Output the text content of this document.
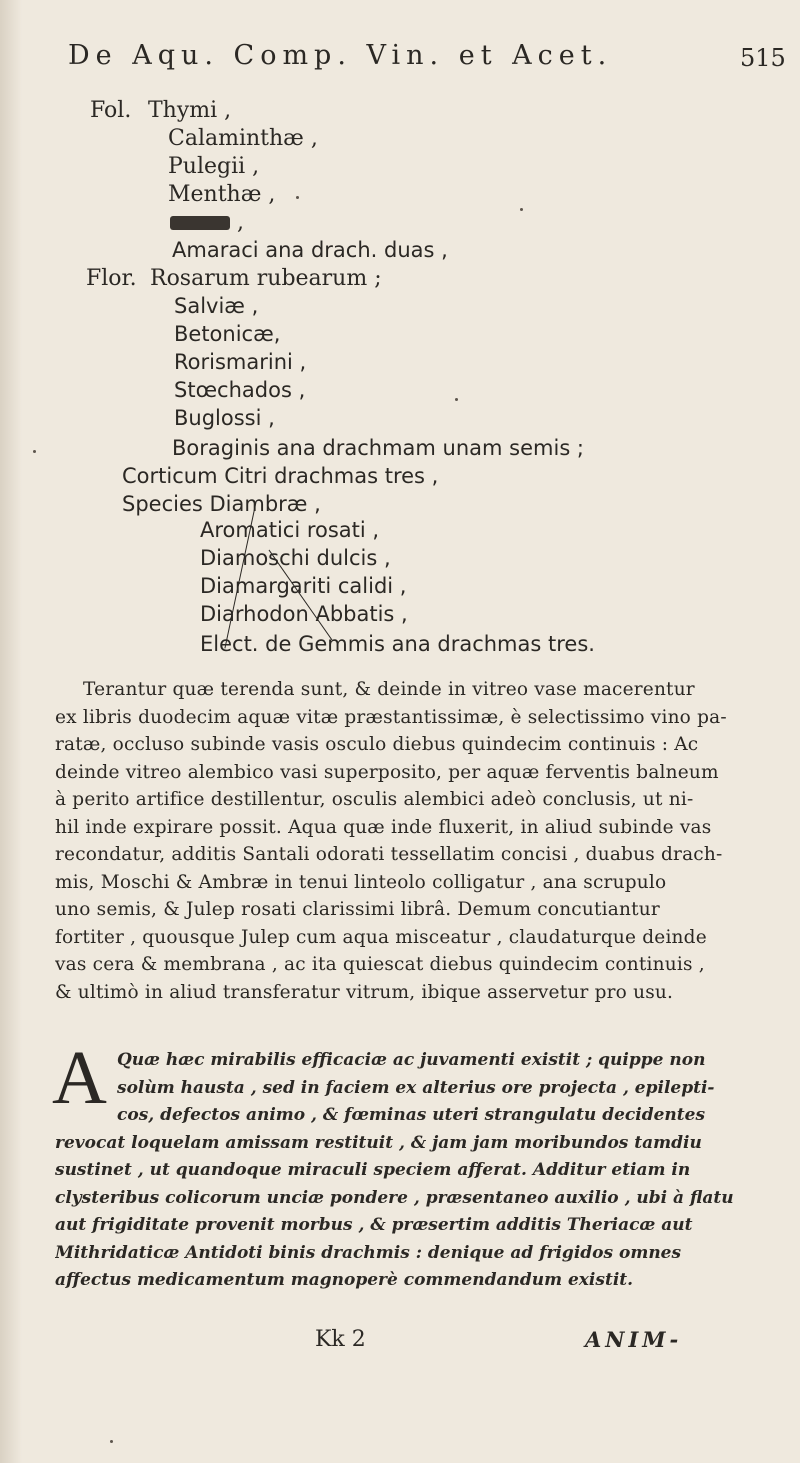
De Aqu. Comp. Vin. et Acet.	515
Fol. Thymi ,
Calaminthæ ,
Pulegii ,
Menthæ ,
,
Amaraci ana drach. duas ,
Flor. Rosarum rubearum ;
Salviæ ,
Betonicæ,
Rorismarini ,
Stœchados ,
Buglossi ,
Boraginis ana drachmam unam semis ;
Corticum Citri drachmas tres ,
Species Diambræ ,
Aromatici rosati ,
Diamoschi dulcis ,
Diamargariti calidi ,
Diarhodon Abbatis ,
Elect. de Gemmis ana drachmas tres.
Terantur quæ terenda sunt, & deinde in vitreo vase macerentur
ex libris duodecim aquæ vitæ præstantissimæ, è selectissimo vino pa-
ratæ, occluso subinde vasis osculo diebus quindecim continuis : Ac
deinde vitreo alembico vasi superposito, per aquæ ferventis balneum
à perito artifice destillentur, osculis alembici adeò conclusis, ut ni-
hil inde expirare possit. Aqua quæ inde fluxerit, in aliud subinde vas
recondatur, additis Santali odorati tessellatim concisi , duabus drach-
mis, Moschi & Ambræ in tenui linteolo colligatur , ana scrupulo
uno semis, & Julep rosati clarissimi librâ. Demum concutiantur
fortiter , quousque Julep cum aqua misceatur , claudaturque deinde
vas cera & membrana , ac ita quiescat diebus quindecim continuis ,
& ultimò in aliud transferatur vitrum, ibique asservetur pro usu.
A Quæ hæc mirabilis efficaciæ ac juvamenti existit ; quippe non
solùm hausta , sed in faciem ex alterius ore projecta , epilepti-
cos, defectos animo , & fœminas uteri strangulatu decidentes
revocat loquelam amissam restituit , & jam jam moribundos tamdiu
sustinet , ut quandoque miraculi speciem afferat. Additur etiam in
clysteribus colicorum unciæ pondere , præsentaneo auxilio , ubi à flatu
aut frigiditate provenit morbus , & præsertim additis Theriacæ aut
Mithridaticæ Antidoti binis drachmis : denique ad frigidos omnes
affectus medicamentum magnoperè commendandum existit.
Kk 2	ANIM-
